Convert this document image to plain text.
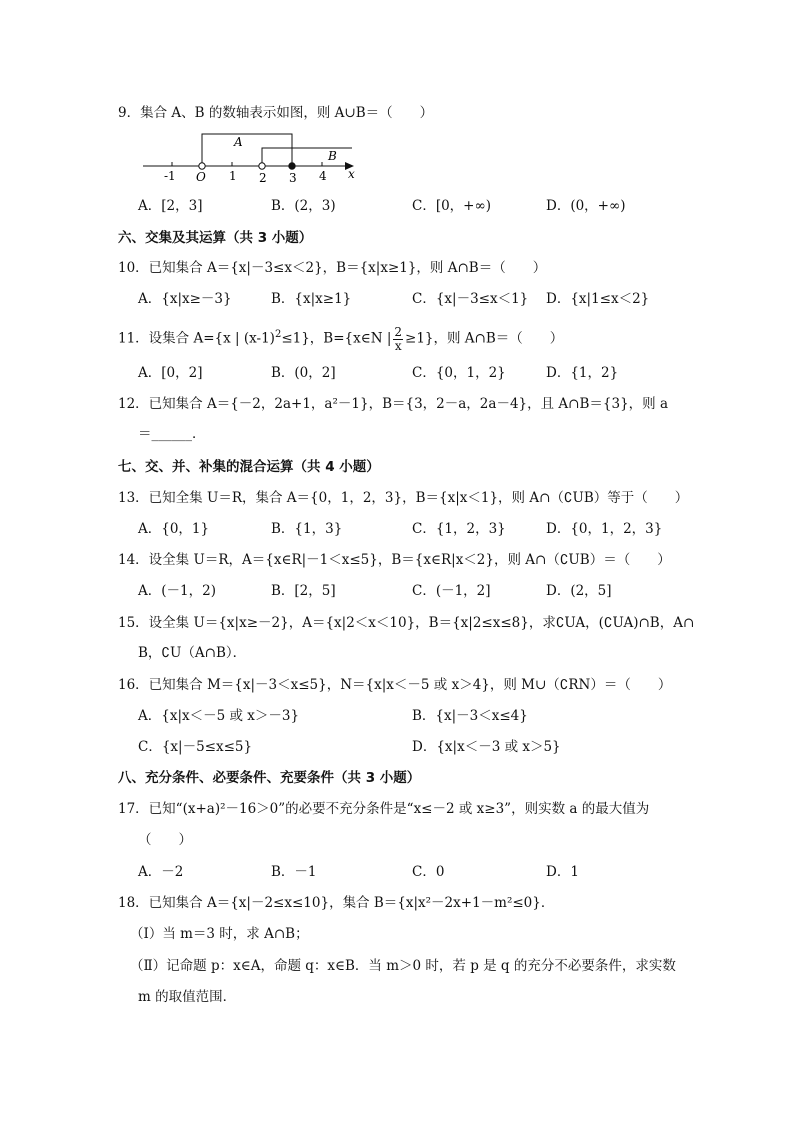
9．集合 A、B 的数轴表示如图，则 A∪B＝（　　）
A
B
-1 O 1 2 3 4 x
A．[2，3]	B．(2，3)	C．[0，+∞)	D．(0，+∞)
六、交集及其运算（共 3 小题）
10．已知集合 A＝{x|－3≤x＜2}，B＝{x|x≥1}，则 A∩B＝（　　）
A．{x|x≥－3}	B．{x|x≥1}	C．{x|－3≤x＜1} D．{x|1≤x＜2}
11．设集合 A={x | $(x-1)^2\le 1$}，B={x∈N | $\frac{2}{x} \ge 1$}，则 A∩B＝（　　）
A．[0，2]	B．(0，2]	C．{0，1，2}	D．{1，2}
12．已知集合 A＝{－2，2a+1，a²－1}，B＝{3，2－a，2a－4}，且 A∩B＝{3}，则 a
＝______．
七、交、并、补集的混合运算（共 4 小题）
13．已知全集 U＝R，集合 A＝{0，1，2，3}，B＝{x|x＜1}，则 A∩（∁UB）等于（　　）
A．{0，1}	B．{1，3}	C．{1，2，3}	D．{0，1，2，3}
14．设全集 U＝R，A＝{x∈R|－1＜x≤5}，B＝{x∈R|x＜2}，则 A∩（∁UB）＝（　　）
A．(－1，2)	B．[2，5]	C．(－1，2]	D．(2，5]
15．设全集 U＝{x|x≥－2}，A＝{x|2＜x＜10}，B＝{x|2≤x≤8}，求∁UA，(∁UA)∩B，A∩
B，∁U（A∩B）．
16．已知集合 M＝{x|－3＜x≤5}，N＝{x|x＜－5 或 x＞4}，则 M∪（∁RN）＝（　　）
A．{x|x＜－5 或 x＞－3}	B．{x|－3＜x≤4}
C．{x|－5≤x≤5}	D．{x|x＜－3 或 x＞5}
八、充分条件、必要条件、充要条件（共 3 小题）
17．已知“(x+a)²－16＞0”的必要不充分条件是“x≤－2 或 x≥3”，则实数 a 的最大值为
（　　）
A．－2	B．－1	C．0	D．1
18．已知集合 A＝{x|－2≤x≤10}，集合 B＝{x|x²－2x+1－m²≤0}．
（Ⅰ）当 m＝3 时，求 A∩B；
（Ⅱ）记命题 p：x∈A，命题 q：x∈B．当 m＞0 时，若 p 是 q 的充分不必要条件，求实数
m 的取值范围．
